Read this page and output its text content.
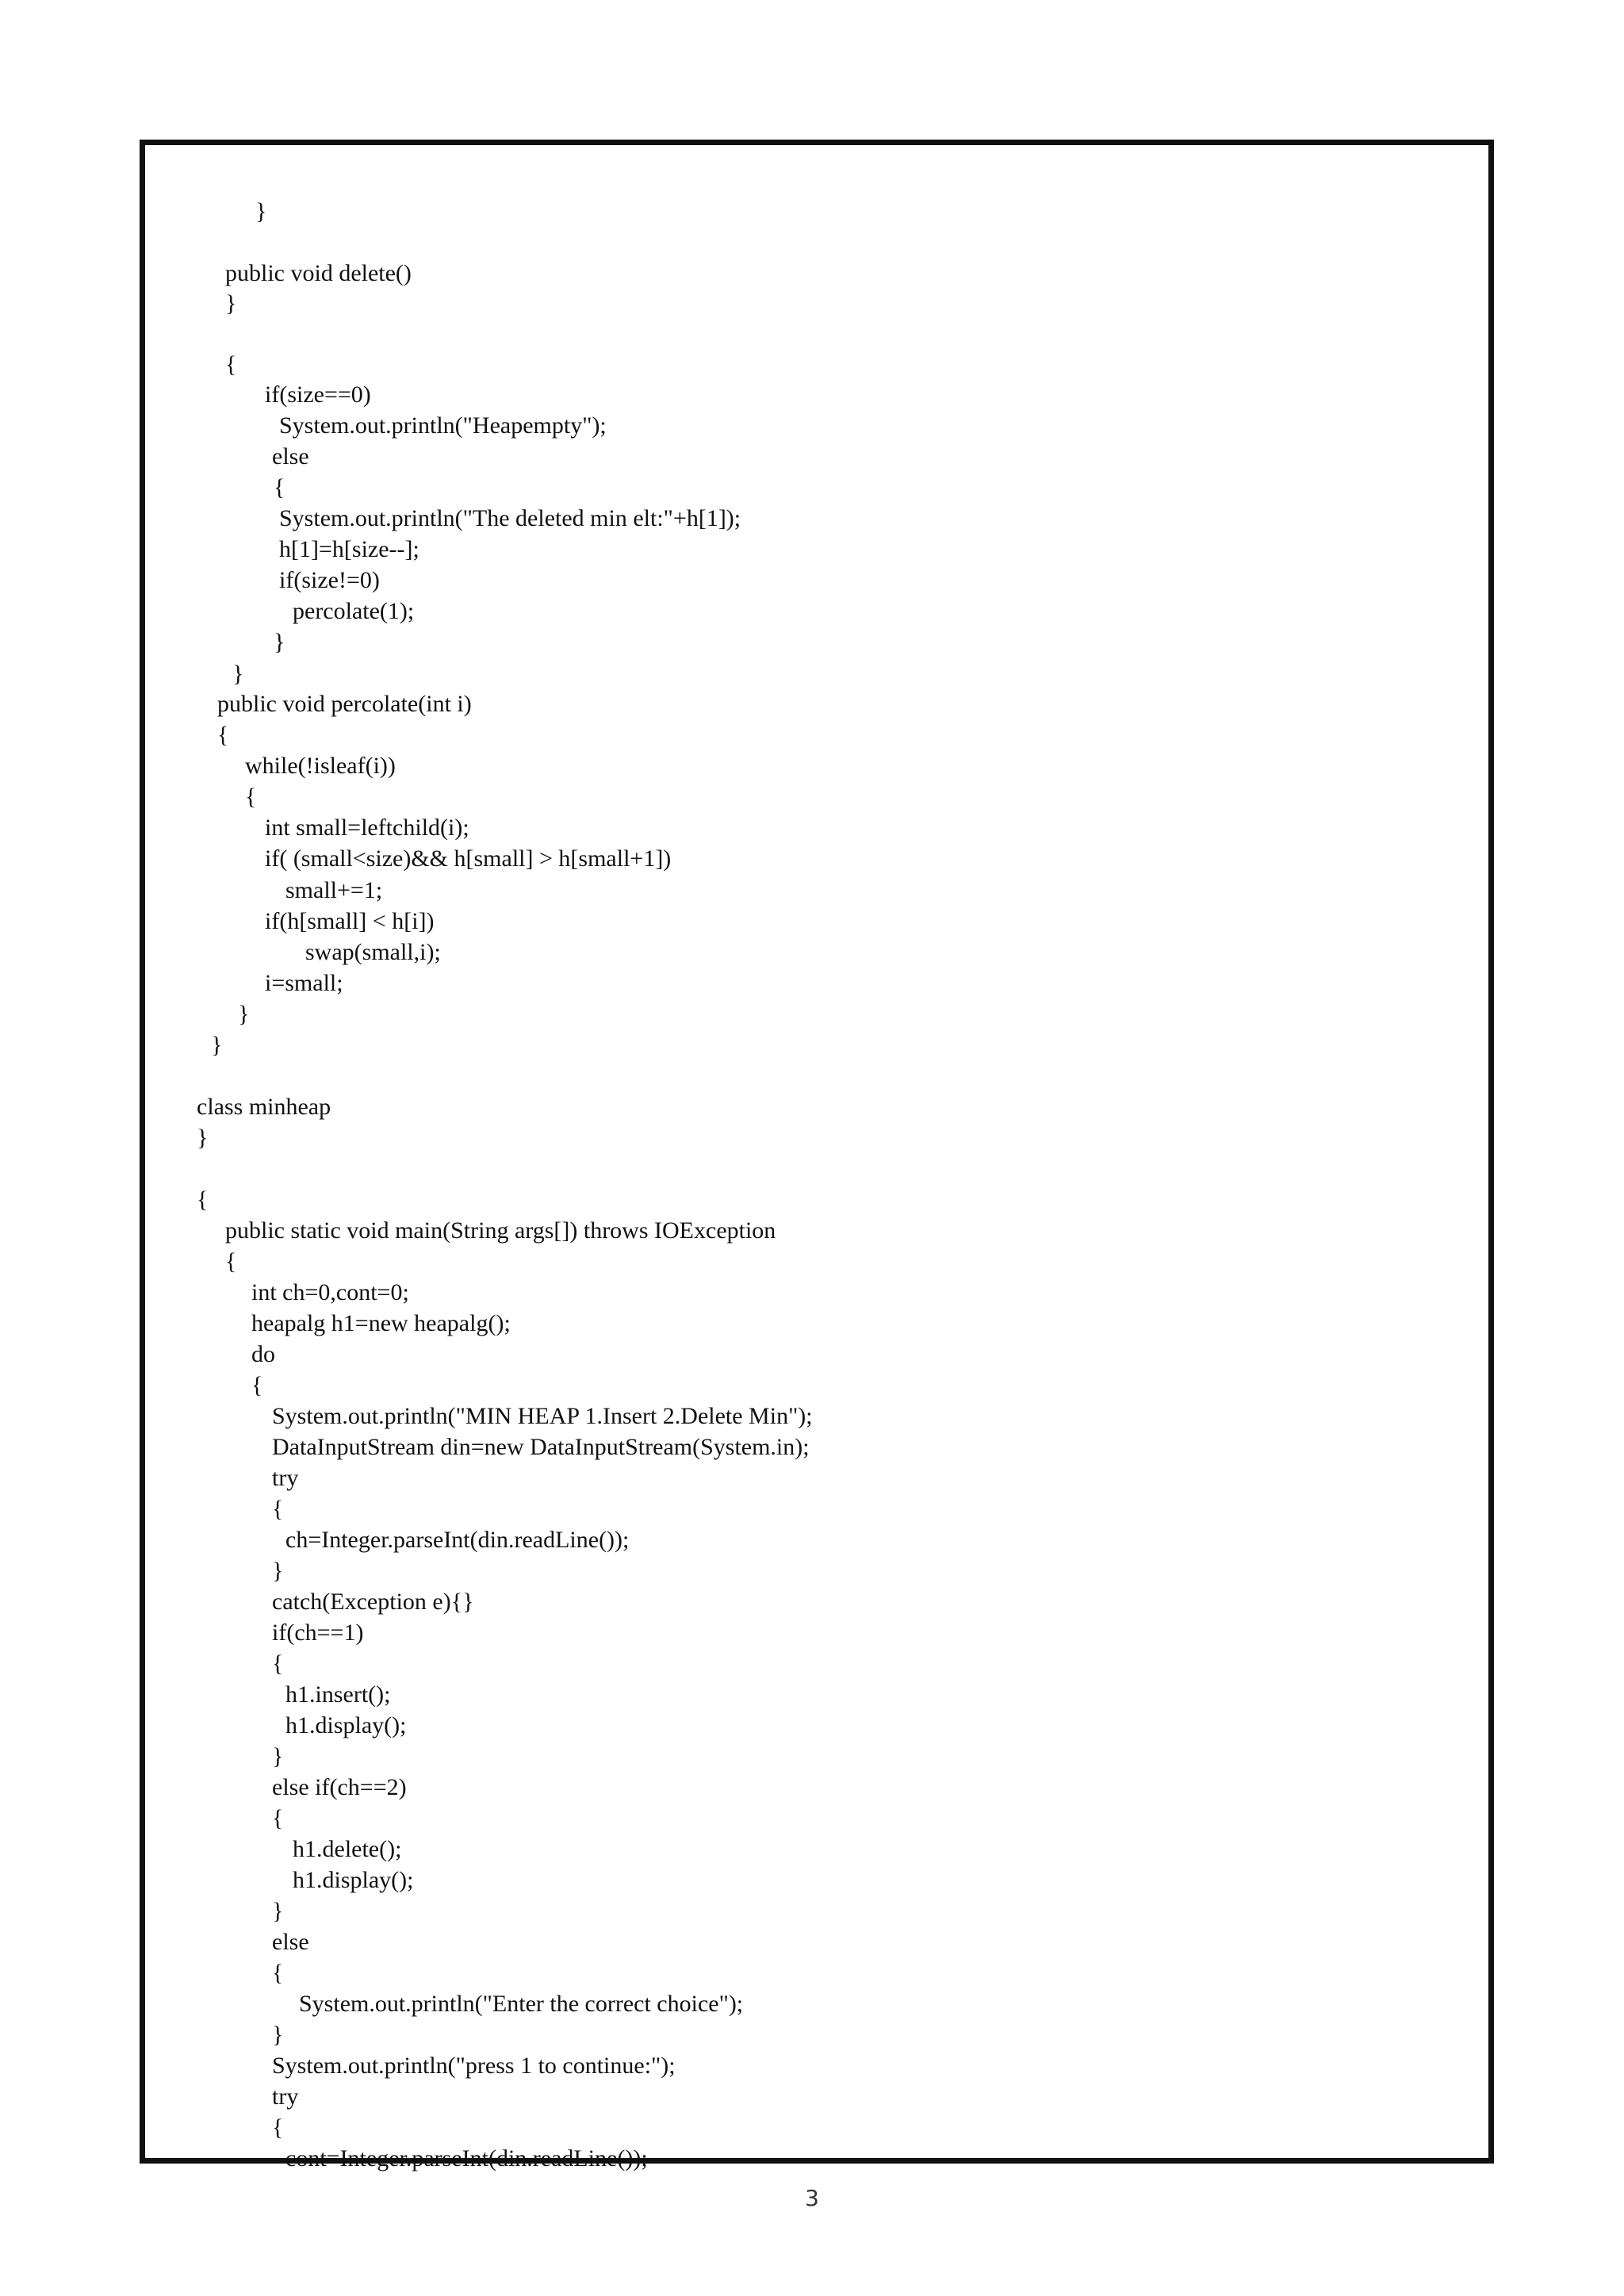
}
public void delete()
}
{
if(size==0)
System.out.println("Heapempty");
else
{
System.out.println("The deleted min elt:"+h[1]);
h[1]=h[size--];
if(size!=0)
percolate(1);
}
}
public void percolate(int i)
{
while(!isleaf(i))
{
int small=leftchild(i);
if( (small<size)&& h[small] > h[small+1])
small+=1;
if(h[small] < h[i])
swap(small,i);
i=small;
}
}
class minheap
}
{
public static void main(String args[]) throws IOException
{
int ch=0,cont=0;
heapalg h1=new heapalg();
do
{
System.out.println("MIN HEAP 1.Insert 2.Delete Min");
DataInputStream din=new DataInputStream(System.in);
try
{
ch=Integer.parseInt(din.readLine());
}
catch(Exception e){}
if(ch==1)
{
h1.insert();
h1.display();
}
else if(ch==2)
{
h1.delete();
h1.display();
}
else
{
System.out.println("Enter the correct choice");
}
System.out.println("press 1 to continue:");
try
{
cont=Integer.parseInt(din.readLine());
3
